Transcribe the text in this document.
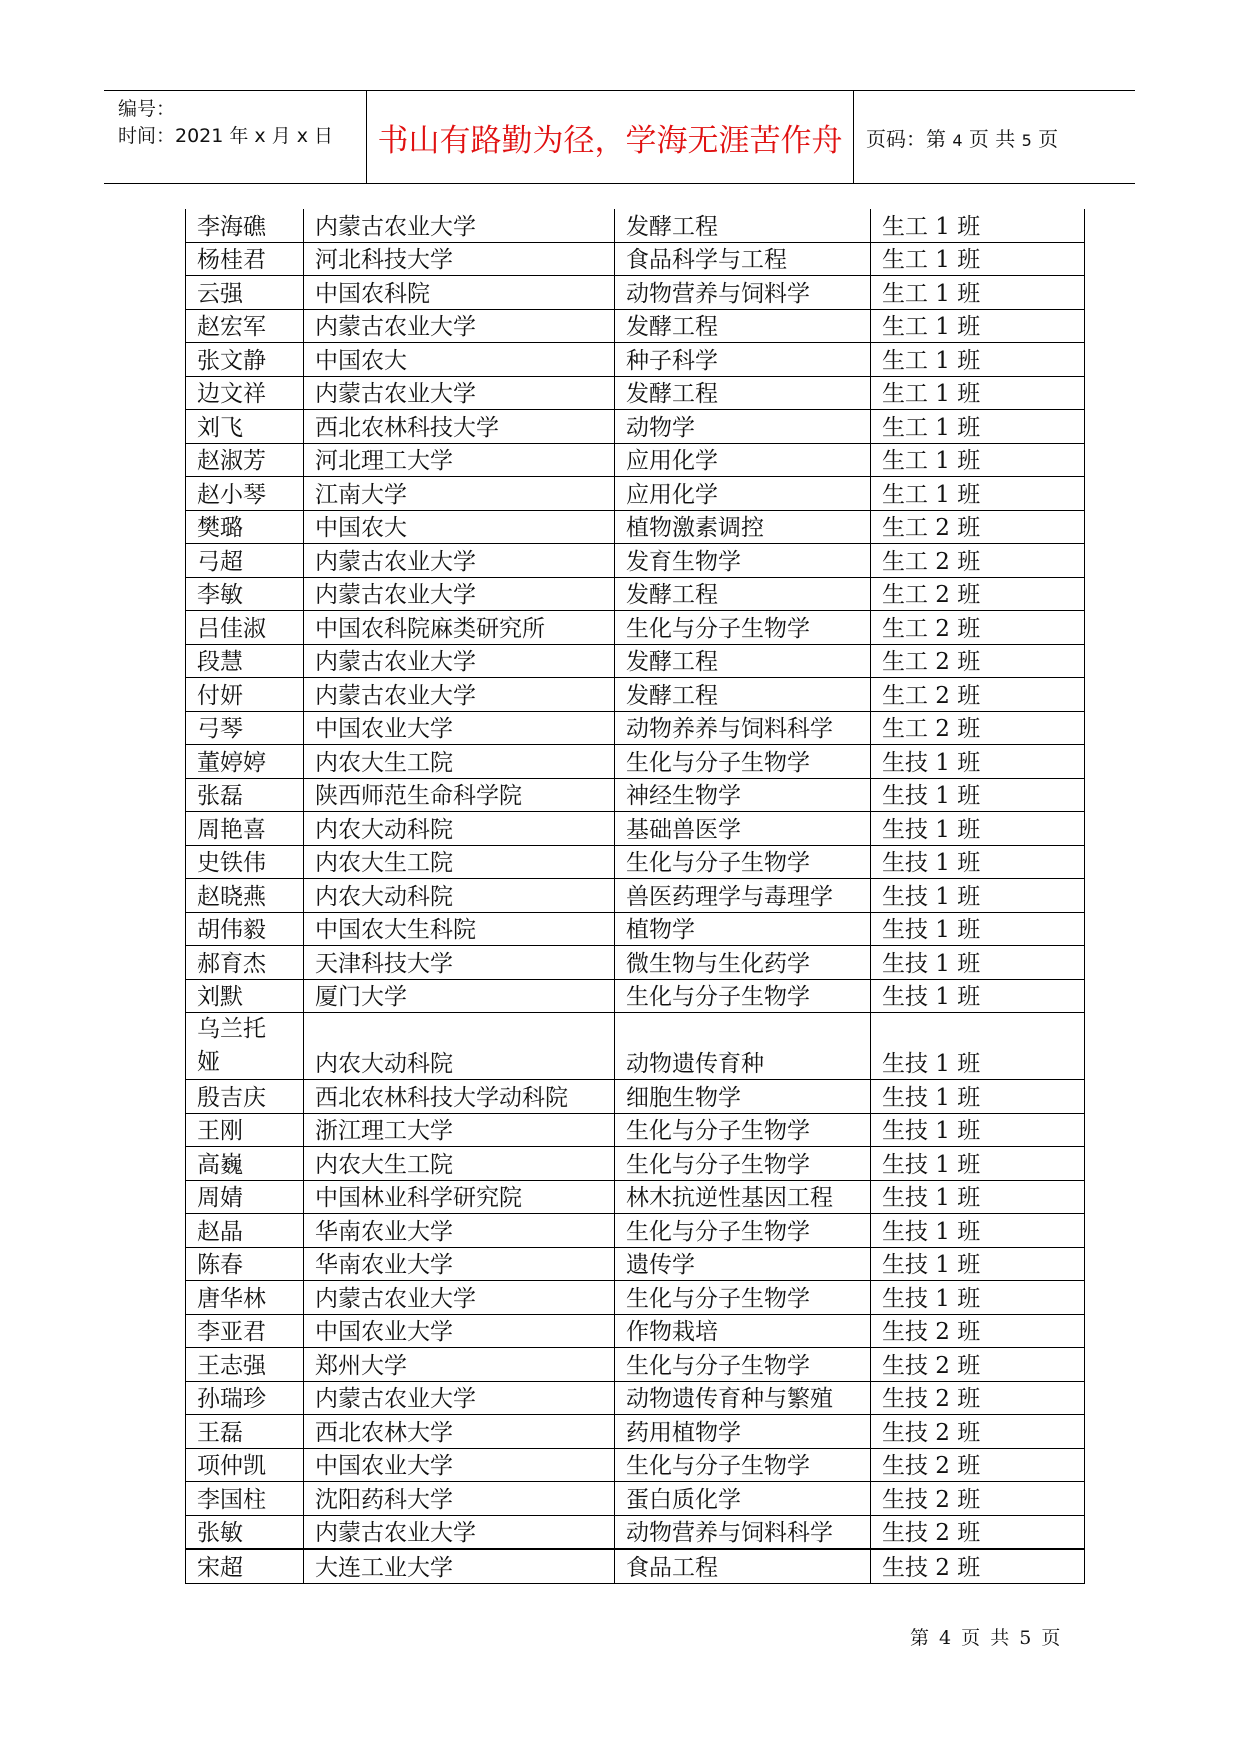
编号：
时间：2021 年 x 月 x 日	书山有路勤为径，学海无涯苦作舟	页码：第 4 页 共 5 页
李海礁	内蒙古农业大学	发酵工程	生工 1 班

杨桂君	河北科技大学	食品科学与工程	生工 1 班

云强	中国农科院	动物营养与饲料学	生工 1 班

赵宏军	内蒙古农业大学	发酵工程	生工 1 班

张文静	中国农大	种子科学	生工 1 班

边文祥	内蒙古农业大学	发酵工程	生工 1 班

刘飞	西北农林科技大学	动物学	生工 1 班

赵淑芳	河北理工大学	应用化学	生工 1 班

赵小琴	江南大学	应用化学	生工 1 班

樊璐	中国农大	植物激素调控	生工 2 班

弓超	内蒙古农业大学	发育生物学	生工 2 班

李敏	内蒙古农业大学	发酵工程	生工 2 班

吕佳淑	中国农科院麻类研究所	生化与分子生物学	生工 2 班

段慧	内蒙古农业大学	发酵工程	生工 2 班

付妍	内蒙古农业大学	发酵工程	生工 2 班

弓琴	中国农业大学	动物养养与饲料科学	生工 2 班

董婷婷	内农大生工院	生化与分子生物学	生技 1 班

张磊	陕西师范生命科学院	神经生物学	生技 1 班

周艳喜	内农大动科院	基础兽医学	生技 1 班

史铁伟	内农大生工院	生化与分子生物学	生技 1 班

赵晓燕	内农大动科院	兽医药理学与毒理学	生技 1 班

胡伟毅	中国农大生科院	植物学	生技 1 班

郝育杰	天津科技大学	微生物与生化药学	生技 1 班

刘默	厦门大学	生化与分子生物学	生技 1 班

乌兰托娅	内农大动科院	动物遗传育种	生技 1 班

殷吉庆	西北农林科技大学动科院	细胞生物学	生技 1 班

王刚	浙江理工大学	生化与分子生物学	生技 1 班

高巍	内农大生工院	生化与分子生物学	生技 1 班

周婧	中国林业科学研究院	林木抗逆性基因工程	生技 1 班

赵晶	华南农业大学	生化与分子生物学	生技 1 班

陈春	华南农业大学	遗传学	生技 1 班

唐华林	内蒙古农业大学	生化与分子生物学	生技 1 班

李亚君	中国农业大学	作物栽培	生技 2 班

王志强	郑州大学	生化与分子生物学	生技 2 班

孙瑞珍	内蒙古农业大学	动物遗传育种与繁殖	生技 2 班

王磊	西北农林大学	药用植物学	生技 2 班

项仲凯	中国农业大学	生化与分子生物学	生技 2 班

李国柱	沈阳药科大学	蛋白质化学	生技 2 班

张敏	内蒙古农业大学	动物营养与饲料科学	生技 2 班

宋超	大连工业大学	食品工程	生技 2 班
第 4 页 共 5 页
